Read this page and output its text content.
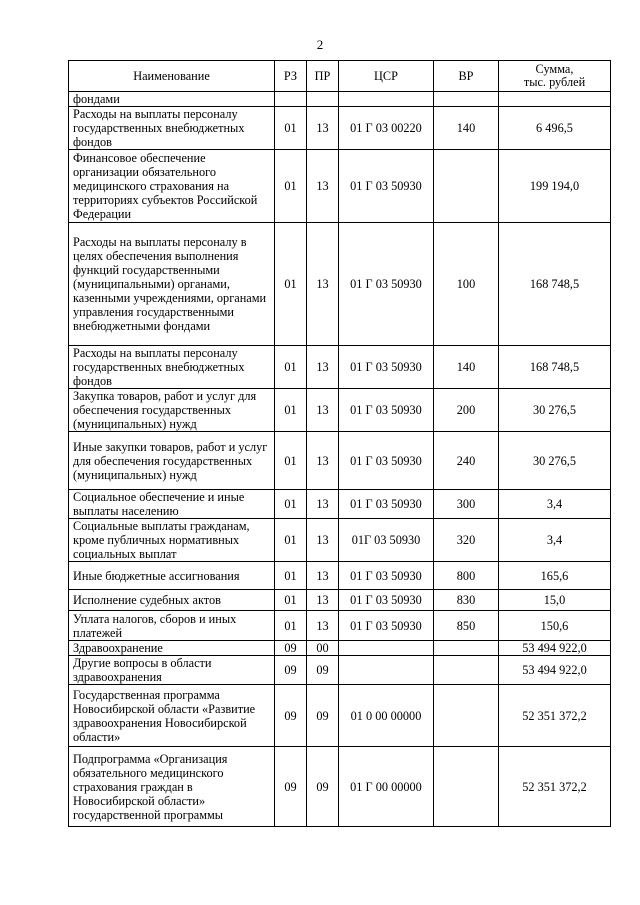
2
Наименование	РЗ	ПР	ЦСР	ВР	Сумма,
тыс. рублей
фондами					
Расходы на выплаты персоналу государственных внебюджетных фондов	01	13	01 Г 03 00220	140	6 496,5
Финансовое обеспечение организации обязательного медицинского страхования на территориях субъектов Российской Федерации	01	13	01 Г 03 50930		199 194,0
Расходы на выплаты персоналу в целях обеспечения выполнения функций государственными (муниципальными) органами, казенными учреждениями, органами управления государственными внебюджетными фондами	01	13	01 Г 03 50930	100	168 748,5
Расходы на выплаты персоналу государственных внебюджетных фондов	01	13	01 Г 03 50930	140	168 748,5
Закупка товаров, работ и услуг для обеспечения государственных (муниципальных) нужд	01	13	01 Г 03 50930	200	30 276,5
Иные закупки товаров, работ и услуг для обеспечения государственных (муниципальных) нужд	01	13	01 Г 03 50930	240	30 276,5
Социальное обеспечение и иные выплаты населению	01	13	01 Г 03 50930	300	3,4
Социальные выплаты гражданам, кроме публичных нормативных социальных выплат	01	13	01Г 03 50930	320	3,4
Иные бюджетные ассигнования	01	13	01 Г 03 50930	800	165,6
Исполнение судебных актов	01	13	01 Г 03 50930	830	15,0
Уплата налогов, сборов и иных платежей	01	13	01 Г 03 50930	850	150,6
Здравоохранение	09	00			53 494 922,0
Другие вопросы в области здравоохранения	09	09			53 494 922,0
Государственная программа Новосибирской области «Развитие здравоохранения Новосибирской области»	09	09	01 0 00 00000		52 351 372,2
Подпрограмма «Организация обязательного медицинского страхования граждан в Новосибирской области» государственной программы	09	09	01 Г 00 00000		52 351 372,2
